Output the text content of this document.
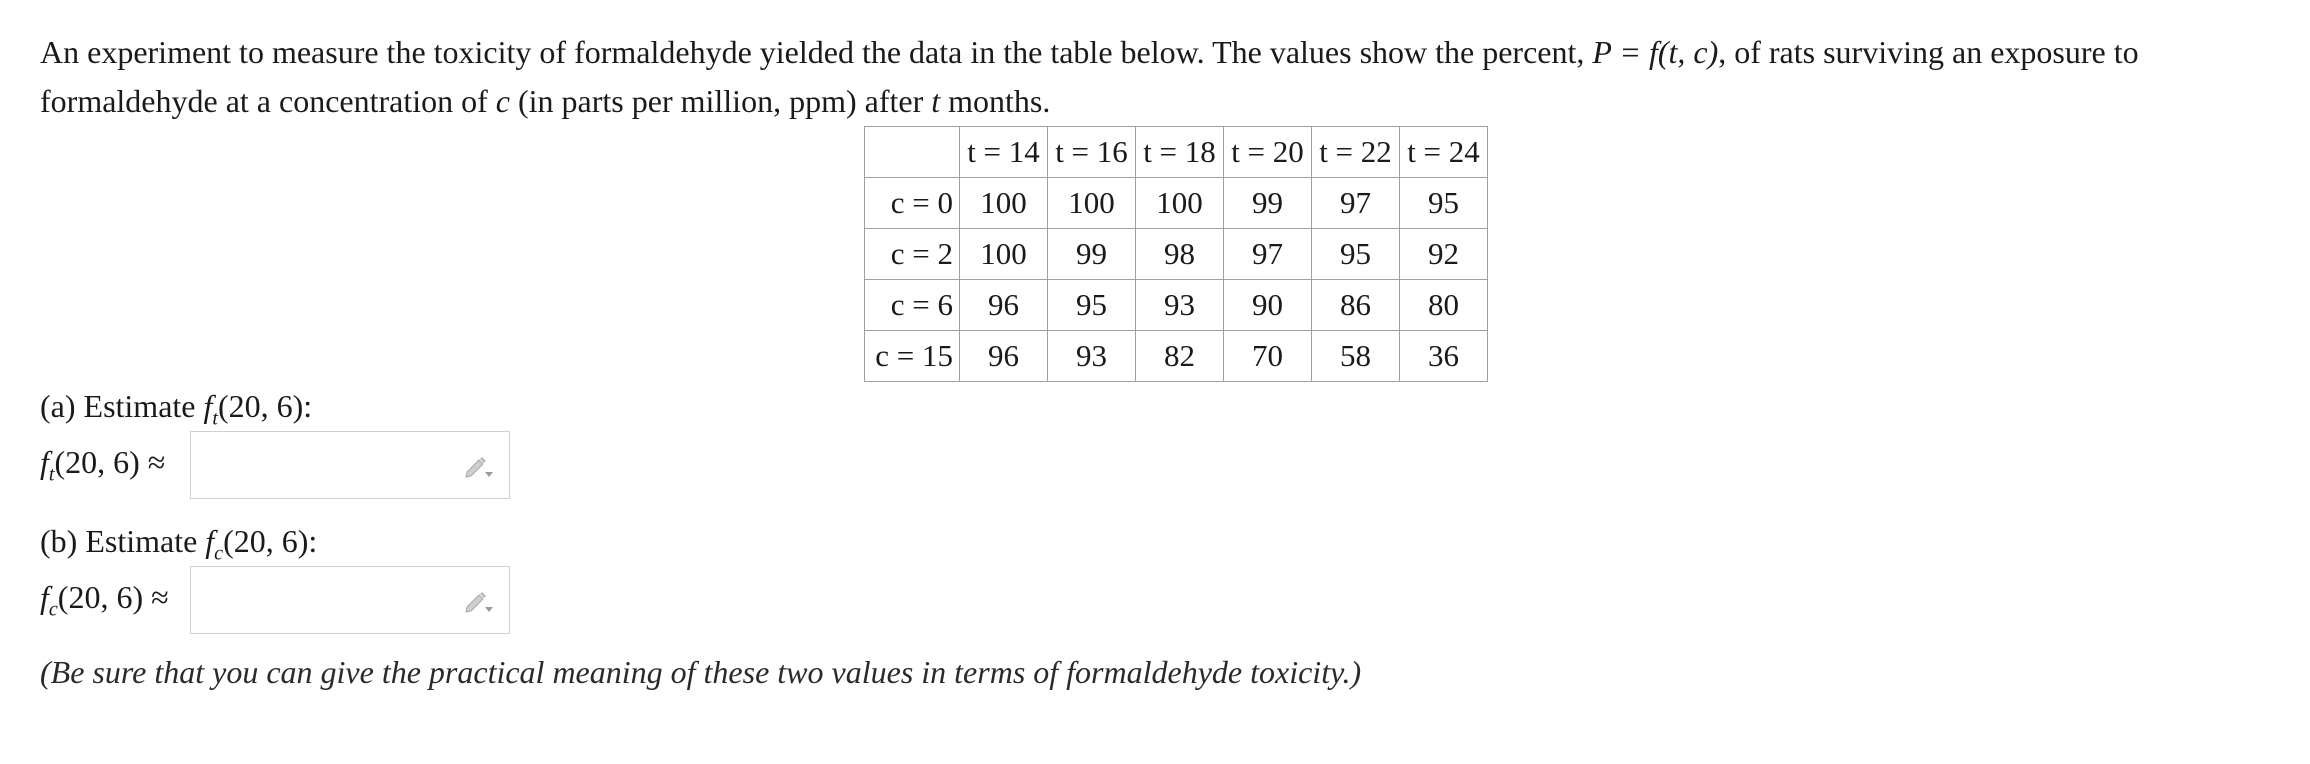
An experiment to measure the toxicity of formaldehyde yielded the data in the table below. The values show the percent, P = f(t, c), of rats surviving an exposure to formaldehyde at a concentration of c (in parts per million, ppm) after t months.
	t = 14	t = 16	t = 18	t = 20	t = 22	t = 24
c = 0	100	100	100	99	97	95
c = 2	100	99	98	97	95	92
c = 6	96	95	93	90	86	80
c = 15	96	93	82	70	58	36
(a) Estimate $f_t(20$, 6):
$f_t(20$, 6) ≈
(b) Estimate $f_c(20$, 6):
$f_c(20$, 6) ≈
(Be sure that you can give the practical meaning of these two values in terms of formaldehyde toxicity.)
